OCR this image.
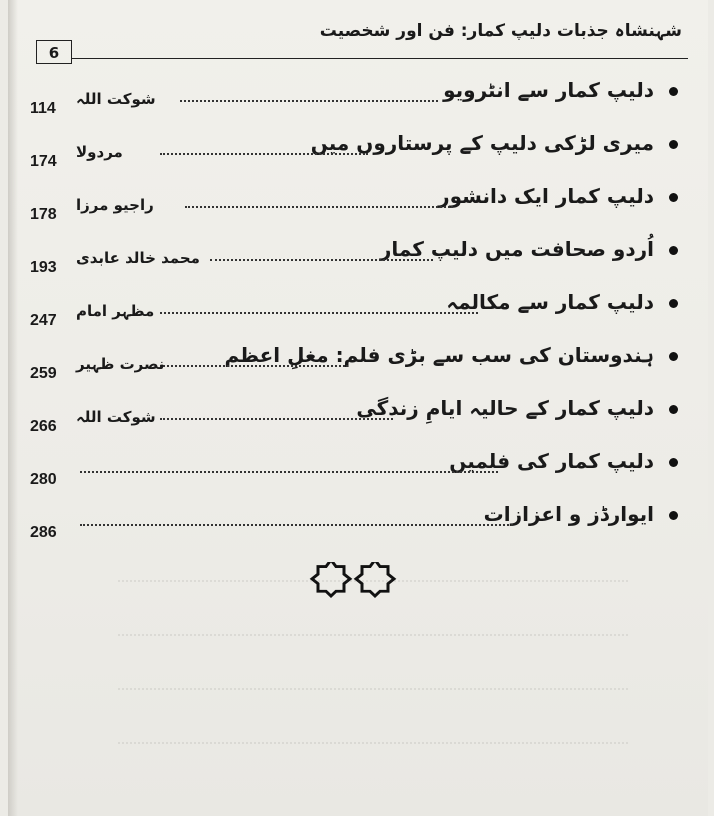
6
شہنشاہ جذبات دلیپ کمار: فن اور شخصیت
دلیپ کمار سے انٹرویو
شوکت اللہ
114
میری لڑکی دلیپ کے پرستاروں میں
مردولا
174
دلیپ کمار ایک دانشور
راجیو مرزا
178
اُردو صحافت میں دلیپ کمار
محمد خالد عابدی
193
دلیپ کمار سے مکالمہ
مظہر امام
247
ہندوستان کی سب سے بڑی فلم: مغلِ اعظم
نصرت ظہیر
259
دلیپ کمار کے حالیہ ایامِ زندگی
شوکت اللہ
266
دلیپ کمار کی فلمیں
280
ایوارڈز و اعزازات
286
